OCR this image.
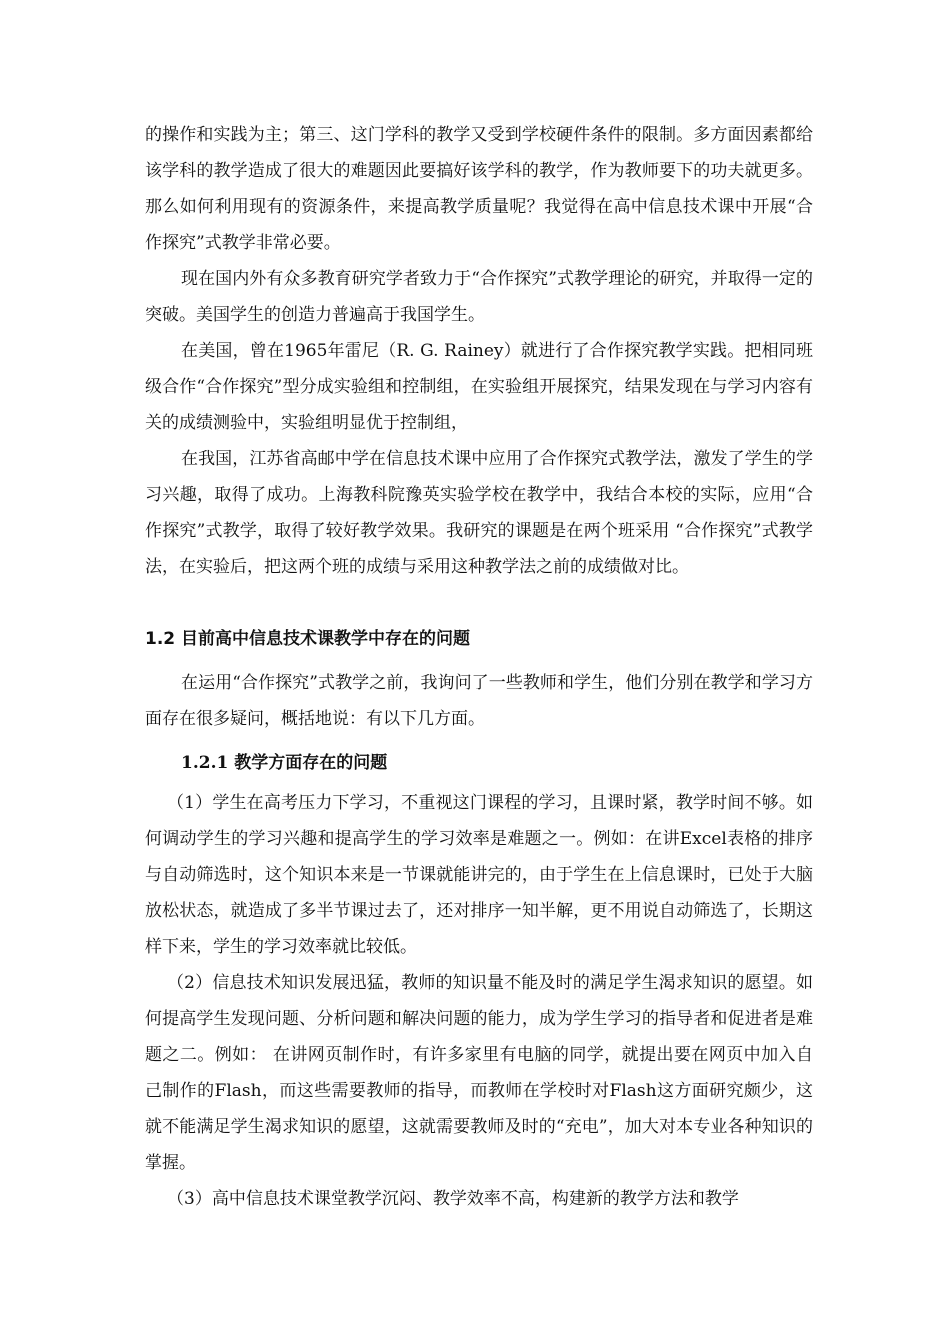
的操作和实践为主；第三、这门学科的教学又受到学校硬件条件的限制。多方面因素都给该学科的教学造成了很大的难题因此要搞好该学科的教学，作为教师要下的功夫就更多。那么如何利用现有的资源条件，来提高教学质量呢？我觉得在高中信息技术课中开展“合作探究”式教学非常必要。

现在国内外有众多教育研究学者致力于“合作探究”式教学理论的研究，并取得一定的突破。美国学生的创造力普遍高于我国学生。

在美国，曾在1965年雷尼（R. G. Rainey）就进行了合作探究教学实践。把相同班级合作“合作探究”型分成实验组和控制组，在实验组开展探究，结果发现在与学习内容有关的成绩测验中，实验组明显优于控制组，

在我国，江苏省高邮中学在信息技术课中应用了合作探究式教学法，激发了学生的学习兴趣，取得了成功。上海教科院豫英实验学校在教学中，我结合本校的实际，应用“合作探究”式教学，取得了较好教学效果。我研究的课题是在两个班采用 “合作探究”式教学法，在实验后，把这两个班的成绩与采用这种教学法之前的成绩做对比。

1.2 目前高中信息技术课教学中存在的问题

在运用“合作探究”式教学之前，我询问了一些教师和学生，他们分别在教学和学习方面存在很多疑问，概括地说：有以下几方面。

1.2.1 教学方面存在的问题

（1）学生在高考压力下学习，不重视这门课程的学习，且课时紧，教学时间不够。如何调动学生的学习兴趣和提高学生的学习效率是难题之一。例如：在讲Excel表格的排序与自动筛选时，这个知识本来是一节课就能讲完的，由于学生在上信息课时，已处于大脑放松状态，就造成了多半节课过去了，还对排序一知半解，更不用说自动筛选了，长期这样下来，学生的学习效率就比较低。

（2）信息技术知识发展迅猛，教师的知识量不能及时的满足学生渴求知识的愿望。如何提高学生发现问题、分析问题和解决问题的能力，成为学生学习的指导者和促进者是难题之二。例如： 在讲网页制作时，有许多家里有电脑的同学，就提出要在网页中加入自己制作的Flash，而这些需要教师的指导，而教师在学校时对Flash这方面研究颇少，这就不能满足学生渴求知识的愿望，这就需要教师及时的“充电”，加大对本专业各种知识的掌握。

（3）高中信息技术课堂教学沉闷、教学效率不高，构建新的教学方法和教学
